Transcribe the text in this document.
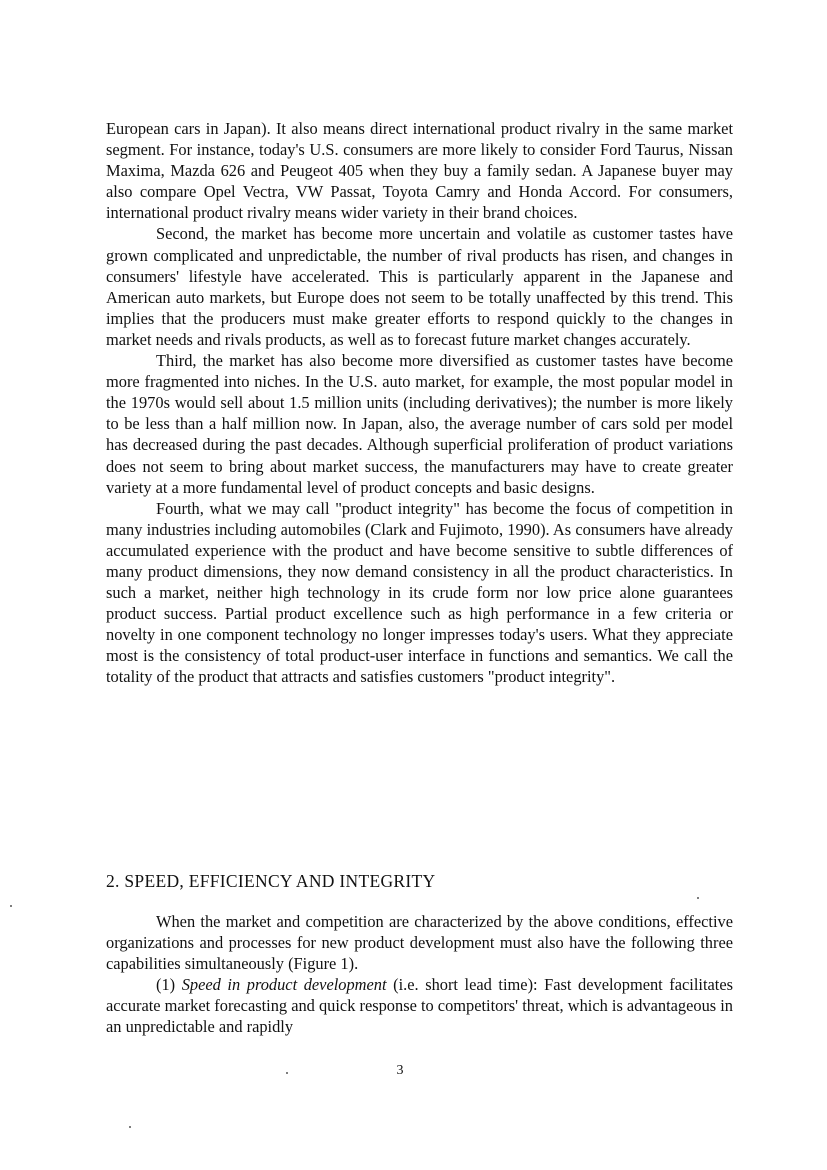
European cars in Japan). It also means direct international product rivalry in the same market segment. For instance, today's U.S. consumers are more likely to consider Ford Taurus, Nissan Maxima, Mazda 626 and Peugeot 405 when they buy a family sedan. A Japanese buyer may also compare Opel Vectra, VW Passat, Toyota Camry and Honda Accord. For consumers, international product rivalry means wider variety in their brand choices.

Second, the market has become more uncertain and volatile as customer tastes have grown complicated and unpredictable, the number of rival products has risen, and changes in consumers' lifestyle have accelerated. This is particularly apparent in the Japanese and American auto markets, but Europe does not seem to be totally unaffected by this trend. This implies that the producers must make greater efforts to respond quickly to the changes in market needs and rivals products, as well as to forecast future market changes accurately.

Third, the market has also become more diversified as customer tastes have become more fragmented into niches. In the U.S. auto market, for example, the most popular model in the 1970s would sell about 1.5 million units (including derivatives); the number is more likely to be less than a half million now. In Japan, also, the average number of cars sold per model has decreased during the past decades. Although superficial proliferation of product variations does not seem to bring about market success, the manufacturers may have to create greater variety at a more fundamental level of product concepts and basic designs.

Fourth, what we may call "product integrity" has become the focus of competition in many industries including automobiles (Clark and Fujimoto, 1990). As consumers have already accumulated experience with the product and have become sensitive to subtle differences of many product dimensions, they now demand consistency in all the product characteristics. In such a market, neither high technology in its crude form nor low price alone guarantees product success. Partial product excellence such as high performance in a few criteria or novelty in one component technology no longer impresses today's users. What they appreciate most is the consistency of total product-user interface in functions and semantics. We call the totality of the product that attracts and satisfies customers "product integrity".

2. SPEED, EFFICIENCY AND INTEGRITY

When the market and competition are characterized by the above conditions, effective organizations and processes for new product development must also have the following three capabilities simultaneously (Figure 1).

(1) Speed in product development (i.e. short lead time): Fast development facilitates accurate market forecasting and quick response to competitors' threat, which is advantageous in an unpredictable and rapidly

3
